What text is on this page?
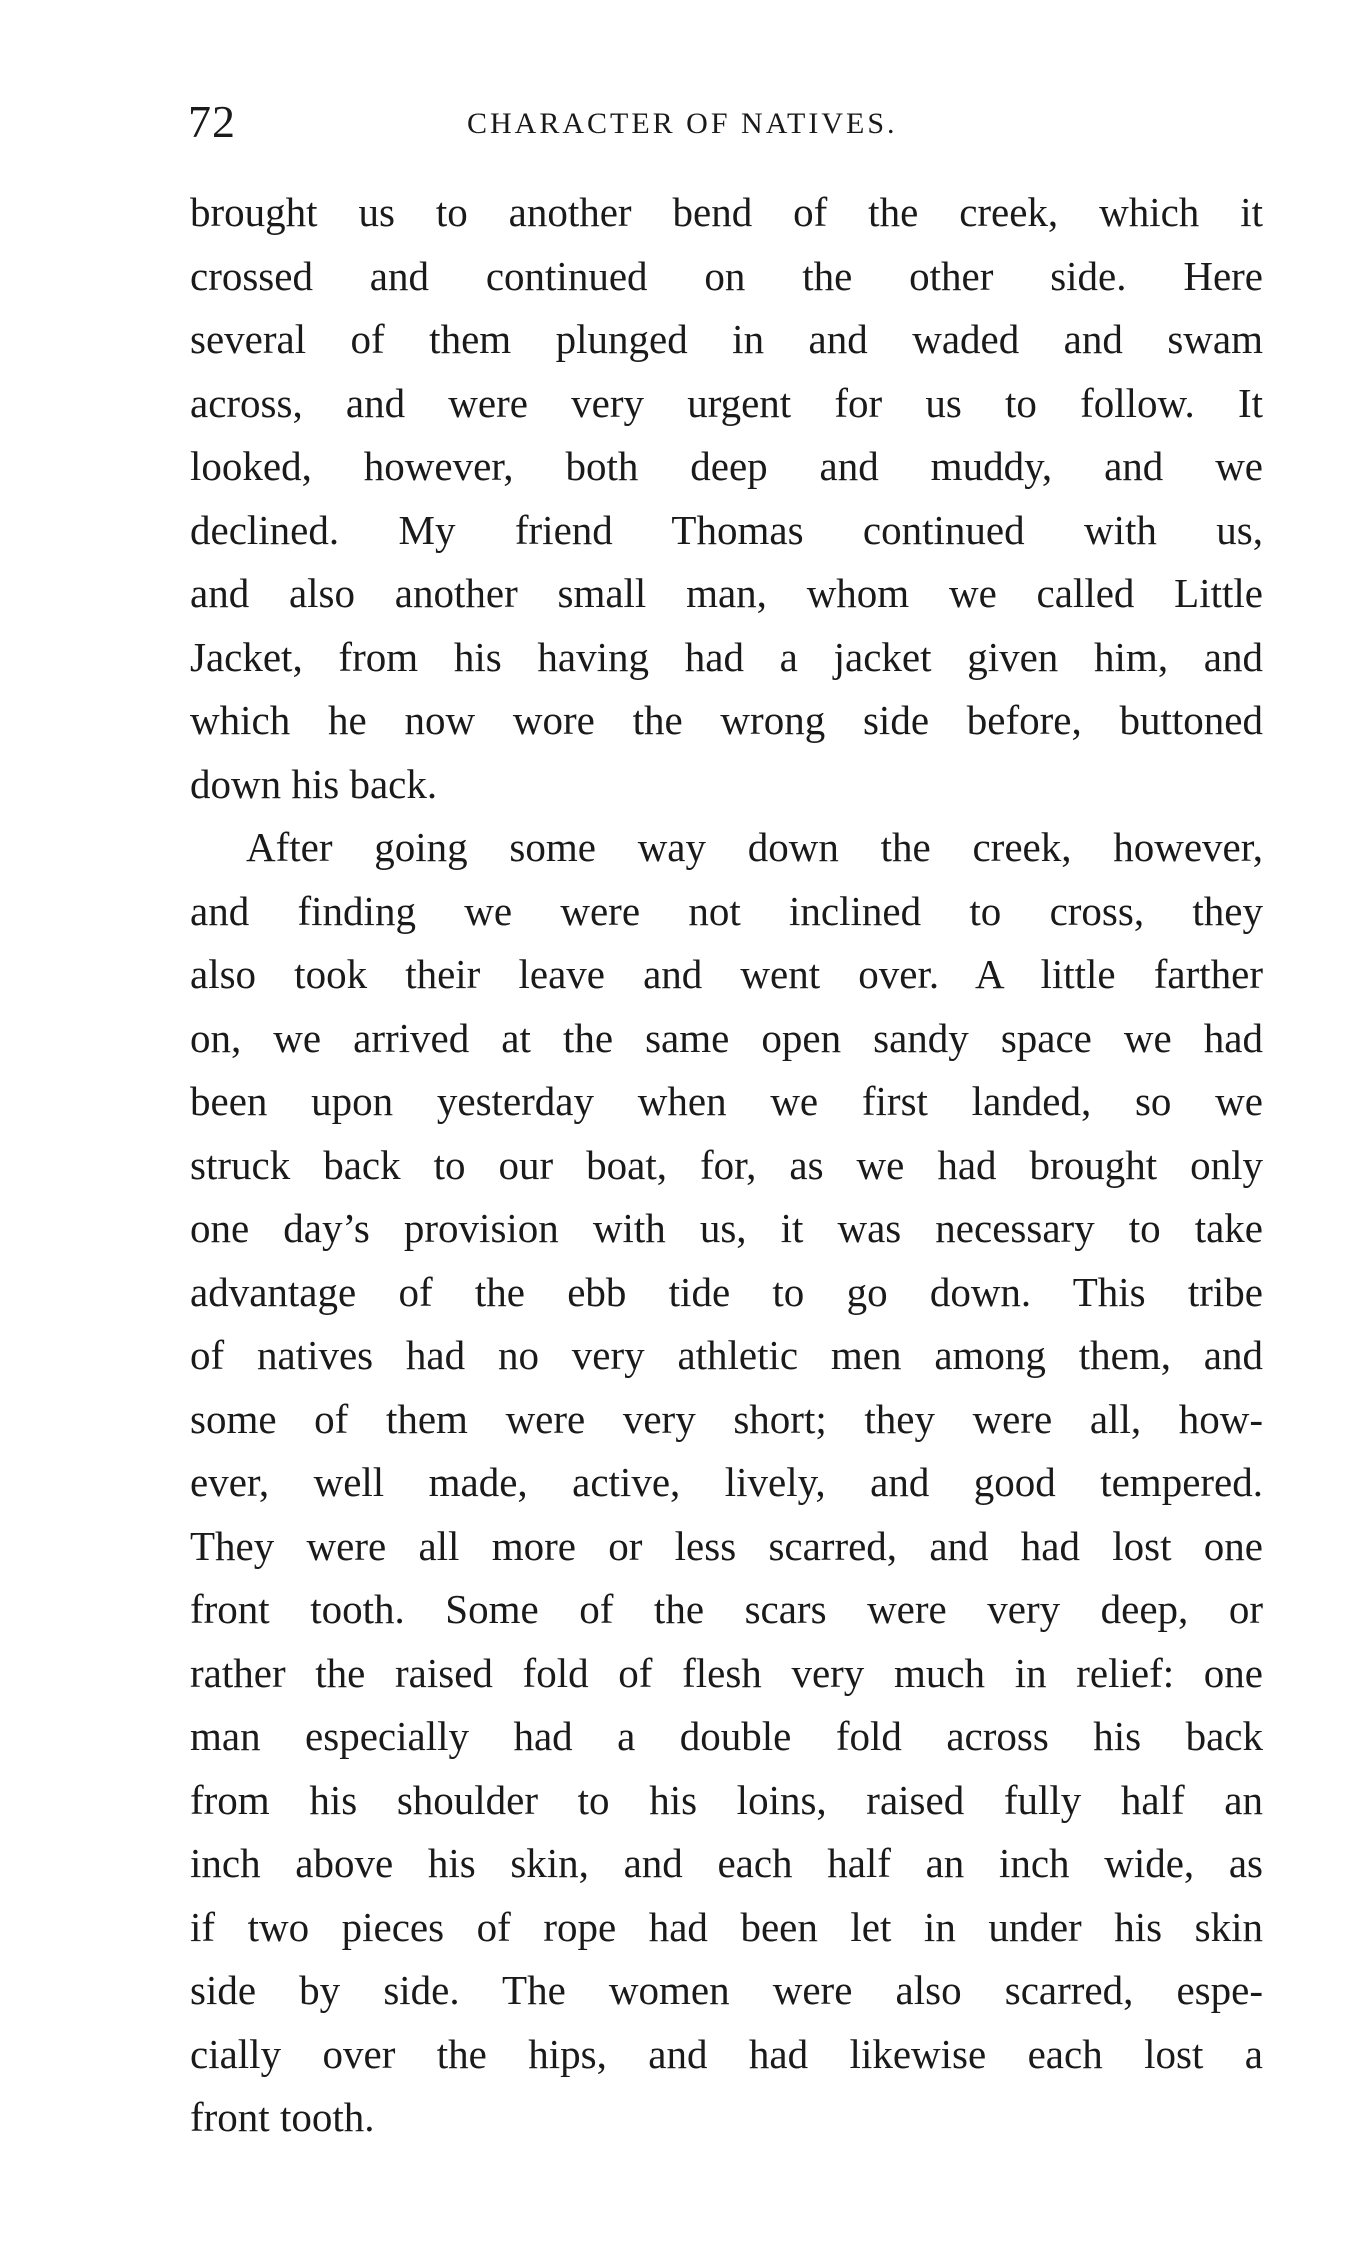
72	CHARACTER OF NATIVES.
brought us to another bend of the creek, which it
crossed and continued on the other side. Here
several of them plunged in and waded and swam
across, and were very urgent for us to follow. It
looked, however, both deep and muddy, and we
declined. My friend Thomas continued with us,
and also another small man, whom we called Little
Jacket, from his having had a jacket given him, and
which he now wore the wrong side before, buttoned
down his back.
After going some way down the creek, however,
and finding we were not inclined to cross, they
also took their leave and went over. A little farther
on, we arrived at the same open sandy space we had
been upon yesterday when we first landed, so we
struck back to our boat, for, as we had brought only
one day’s provision with us, it was necessary to take
advantage of the ebb tide to go down. This tribe
of natives had no very athletic men among them, and
some of them were very short; they were all, how-
ever, well made, active, lively, and good tempered.
They were all more or less scarred, and had lost one
front tooth. Some of the scars were very deep, or
rather the raised fold of flesh very much in relief: one
man especially had a double fold across his back
from his shoulder to his loins, raised fully half an
inch above his skin, and each half an inch wide, as
if two pieces of rope had been let in under his skin
side by side. The women were also scarred, espe-
cially over the hips, and had likewise each lost a
front tooth.
